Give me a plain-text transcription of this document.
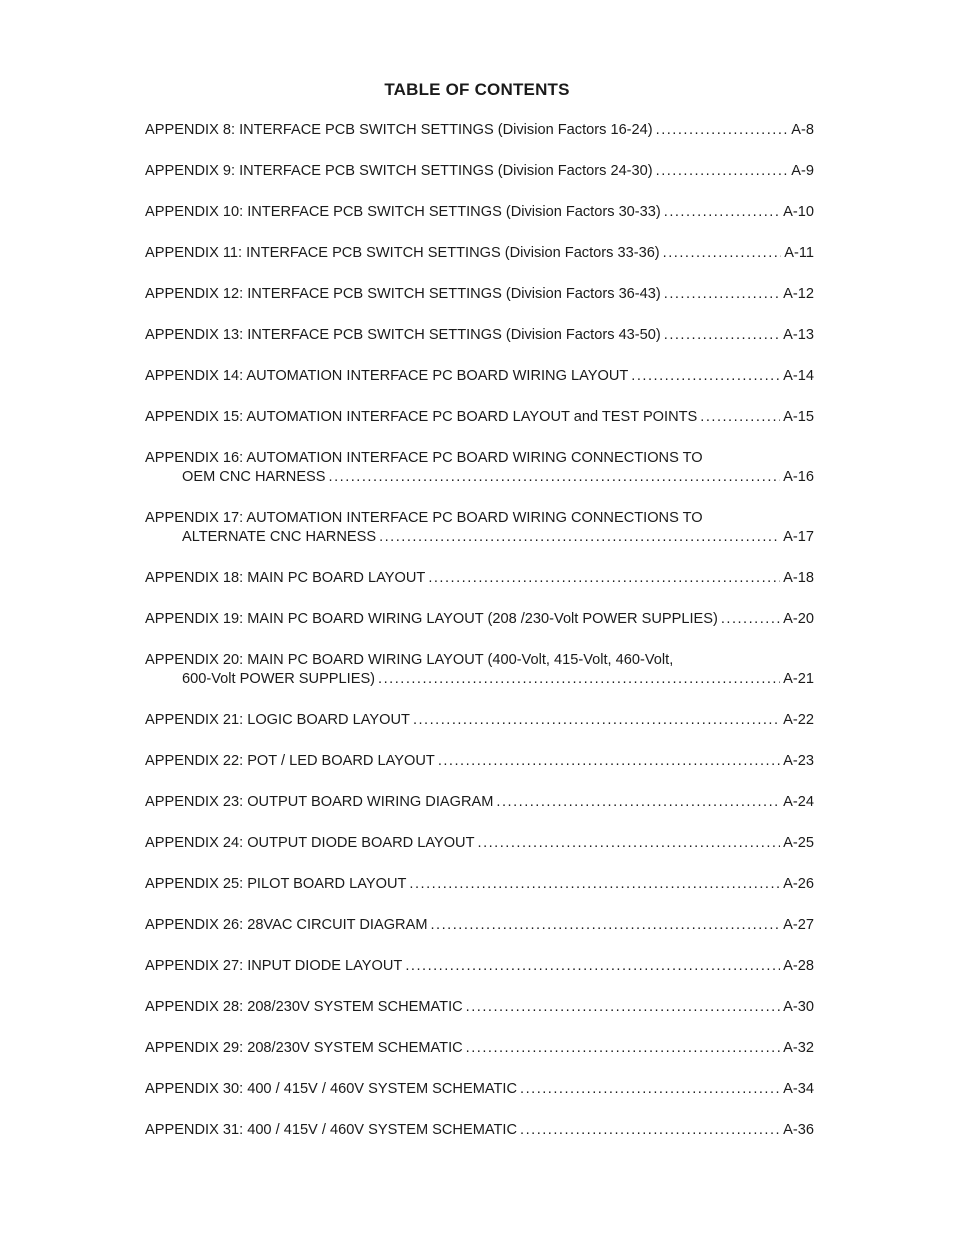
TABLE OF CONTENTS
APPENDIX 8: INTERFACE PCB SWITCH SETTINGS (Division Factors 16-24) .....	A-8
APPENDIX 9: INTERFACE PCB SWITCH SETTINGS (Division Factors 24-30) .....	A-9
APPENDIX 10: INTERFACE PCB SWITCH SETTINGS (Division Factors 30-33) .....	A-10
APPENDIX 11: INTERFACE PCB SWITCH SETTINGS (Division Factors 33-36) .....	A-11
APPENDIX 12: INTERFACE PCB SWITCH SETTINGS (Division Factors 36-43) .....	A-12
APPENDIX 13: INTERFACE PCB SWITCH SETTINGS (Division Factors 43-50) .....	A-13
APPENDIX 14: AUTOMATION INTERFACE PC BOARD WIRING LAYOUT .....	A-14
APPENDIX 15: AUTOMATION INTERFACE PC BOARD LAYOUT and TEST POINTS .....	A-15
APPENDIX 16: AUTOMATION INTERFACE PC BOARD WIRING CONNECTIONS TO
OEM CNC HARNESS .....	A-16
APPENDIX 17: AUTOMATION INTERFACE PC BOARD WIRING CONNECTIONS TO
ALTERNATE CNC HARNESS .....	A-17
APPENDIX 18: MAIN PC BOARD LAYOUT .....	A-18
APPENDIX 19: MAIN PC BOARD WIRING LAYOUT (208 /230-Volt POWER SUPPLIES) .....	A-20
APPENDIX 20: MAIN PC BOARD WIRING LAYOUT (400-Volt, 415-Volt, 460-Volt,
600-Volt POWER SUPPLIES) .....	A-21
APPENDIX 21: LOGIC BOARD LAYOUT .....	A-22
APPENDIX 22: POT / LED BOARD LAYOUT .....	A-23
APPENDIX 23: OUTPUT BOARD WIRING DIAGRAM .....	A-24
APPENDIX 24: OUTPUT DIODE BOARD LAYOUT .....	A-25
APPENDIX 25: PILOT BOARD LAYOUT .....	A-26
APPENDIX 26: 28VAC CIRCUIT DIAGRAM .....	A-27
APPENDIX 27: INPUT DIODE LAYOUT .....	A-28
APPENDIX 28: 208/230V SYSTEM SCHEMATIC .....	A-30
APPENDIX 29: 208/230V SYSTEM SCHEMATIC .....	A-32
APPENDIX 30: 400 / 415V / 460V SYSTEM SCHEMATIC .....	A-34
APPENDIX 31: 400 / 415V / 460V SYSTEM SCHEMATIC .....	A-36
